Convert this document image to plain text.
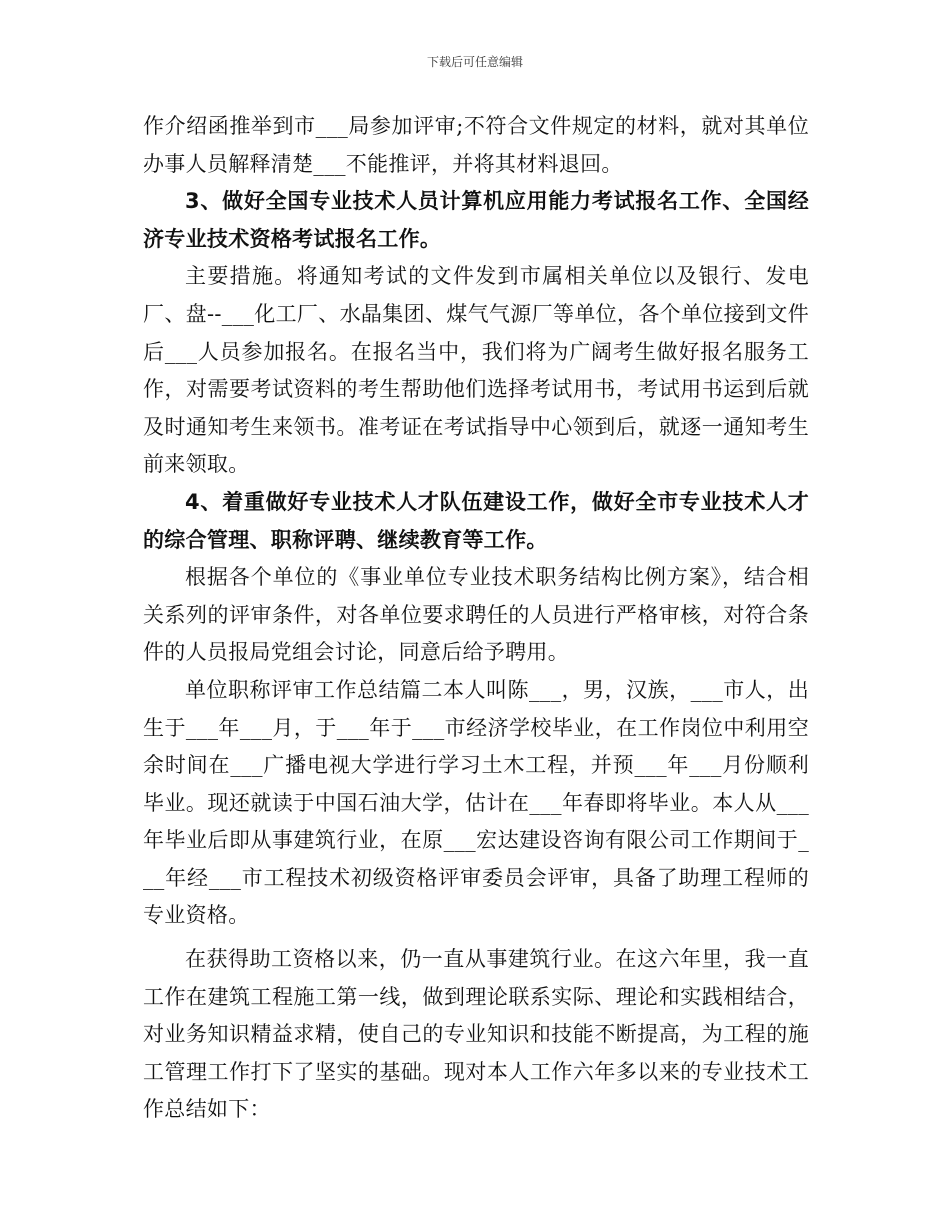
下载后可任意编辑

作介绍函推举到市___局参加评审;不符合文件规定的材料，就对其单位办事人员解释清楚___不能推评，并将其材料退回。

3、做好全国专业技术人员计算机应用能力考试报名工作、全国经济专业技术资格考试报名工作。

主要措施。将通知考试的文件发到市属相关单位以及银行、发电厂、盘--___化工厂、水晶集团、煤气气源厂等单位，各个单位接到文件后___人员参加报名。在报名当中，我们将为广阔考生做好报名服务工作，对需要考试资料的考生帮助他们选择考试用书，考试用书运到后就及时通知考生来领书。准考证在考试指导中心领到后，就逐一通知考生前来领取。

4、着重做好专业技术人才队伍建设工作，做好全市专业技术人才的综合管理、职称评聘、继续教育等工作。

根据各个单位的《事业单位专业技术职务结构比例方案》，结合相关系列的评审条件，对各单位要求聘任的人员进行严格审核，对符合条件的人员报局党组会讨论，同意后给予聘用。

单位职称评审工作总结篇二本人叫陈___，男，汉族，___市人，出生于___年___月，于___年于___市经济学校毕业，在工作岗位中利用空余时间在___广播电视大学进行学习土木工程，并预___年___月份顺利毕业。现还就读于中国石油大学，估计在___年春即将毕业。本人从___年毕业后即从事建筑行业，在原___宏达建设咨询有限公司工作期间于___年经___市工程技术初级资格评审委员会评审，具备了助理工程师的专业资格。

在获得助工资格以来，仍一直从事建筑行业。在这六年里，我一直工作在建筑工程施工第一线，做到理论联系实际、理论和实践相结合，对业务知识精益求精，使自己的专业知识和技能不断提高，为工程的施工管理工作打下了坚实的基础。现对本人工作六年多以来的专业技术工作总结如下：
